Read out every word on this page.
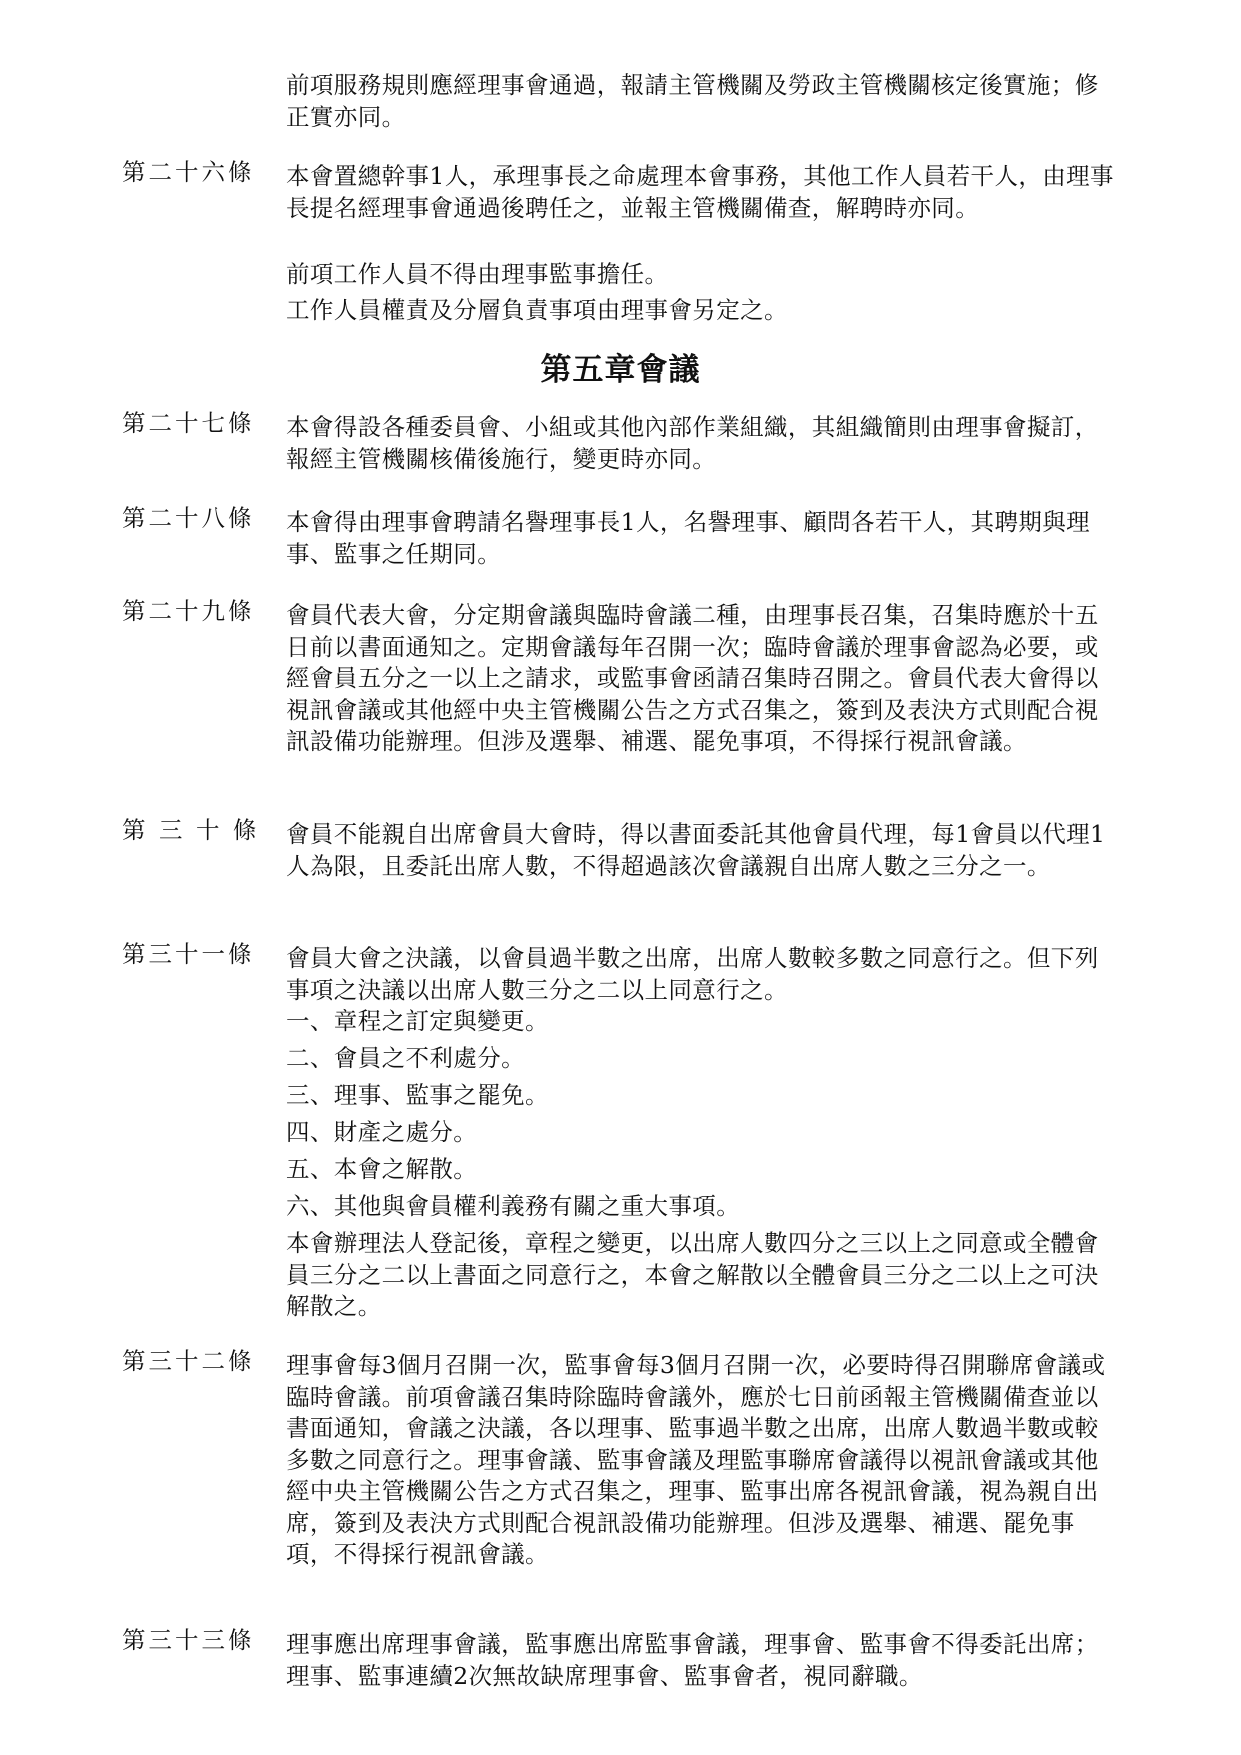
前項服務規則應經理事會通過，報請主管機關及勞政主管機關核定後實施；修正實亦同。

第二十六條 本會置總幹事1人，承理事長之命處理本會事務，其他工作人員若干人，由理事長提名經理事會通過後聘任之，並報主管機關備查，解聘時亦同。

前項工作人員不得由理事監事擔任。

工作人員權責及分層負責事項由理事會另定之。

第五章會議

第二十七條 本會得設各種委員會、小組或其他內部作業組織，其組織簡則由理事會擬訂，報經主管機關核備後施行，變更時亦同。

第二十八條 本會得由理事會聘請名譽理事長1人，名譽理事、顧問各若干人，其聘期與理事、監事之任期同。

第二十九條 會員代表大會，分定期會議與臨時會議二種，由理事長召集，召集時應於十五日前以書面通知之。定期會議每年召開一次；臨時會議於理事會認為必要，或經會員五分之一以上之請求，或監事會函請召集時召開之。會員代表大會得以視訊會議或其他經中央主管機關公告之方式召集之，簽到及表決方式則配合視訊設備功能辦理。但涉及選舉、補選、罷免事項，不得採行視訊會議。

第 三 十 條 會員不能親自出席會員大會時，得以書面委託其他會員代理，每1會員以代理1人為限，且委託出席人數，不得超過該次會議親自出席人數之三分之一。

第三十一條 會員大會之決議，以會員過半數之出席，出席人數較多數之同意行之。但下列事項之決議以出席人數三分之二以上同意行之。

一、章程之訂定與變更。

二、會員之不利處分。

三、理事、監事之罷免。

四、財產之處分。

五、本會之解散。

六、其他與會員權利義務有關之重大事項。

本會辦理法人登記後，章程之變更，以出席人數四分之三以上之同意或全體會員三分之二以上書面之同意行之，本會之解散以全體會員三分之二以上之可決解散之。

第三十二條 理事會每3個月召開一次，監事會每3個月召開一次，必要時得召開聯席會議或臨時會議。前項會議召集時除臨時會議外，應於七日前函報主管機關備查並以書面通知，會議之決議，各以理事、監事過半數之出席，出席人數過半數或較多數之同意行之。理事會議、監事會議及理監事聯席會議得以視訊會議或其他經中央主管機關公告之方式召集之，理事、監事出席各視訊會議，視為親自出席，簽到及表決方式則配合視訊設備功能辦理。但涉及選舉、補選、罷免事項，不得採行視訊會議。

第三十三條 理事應出席理事會議，監事應出席監事會議，理事會、監事會不得委託出席；理事、監事連續2次無故缺席理事會、監事會者，視同辭職。
